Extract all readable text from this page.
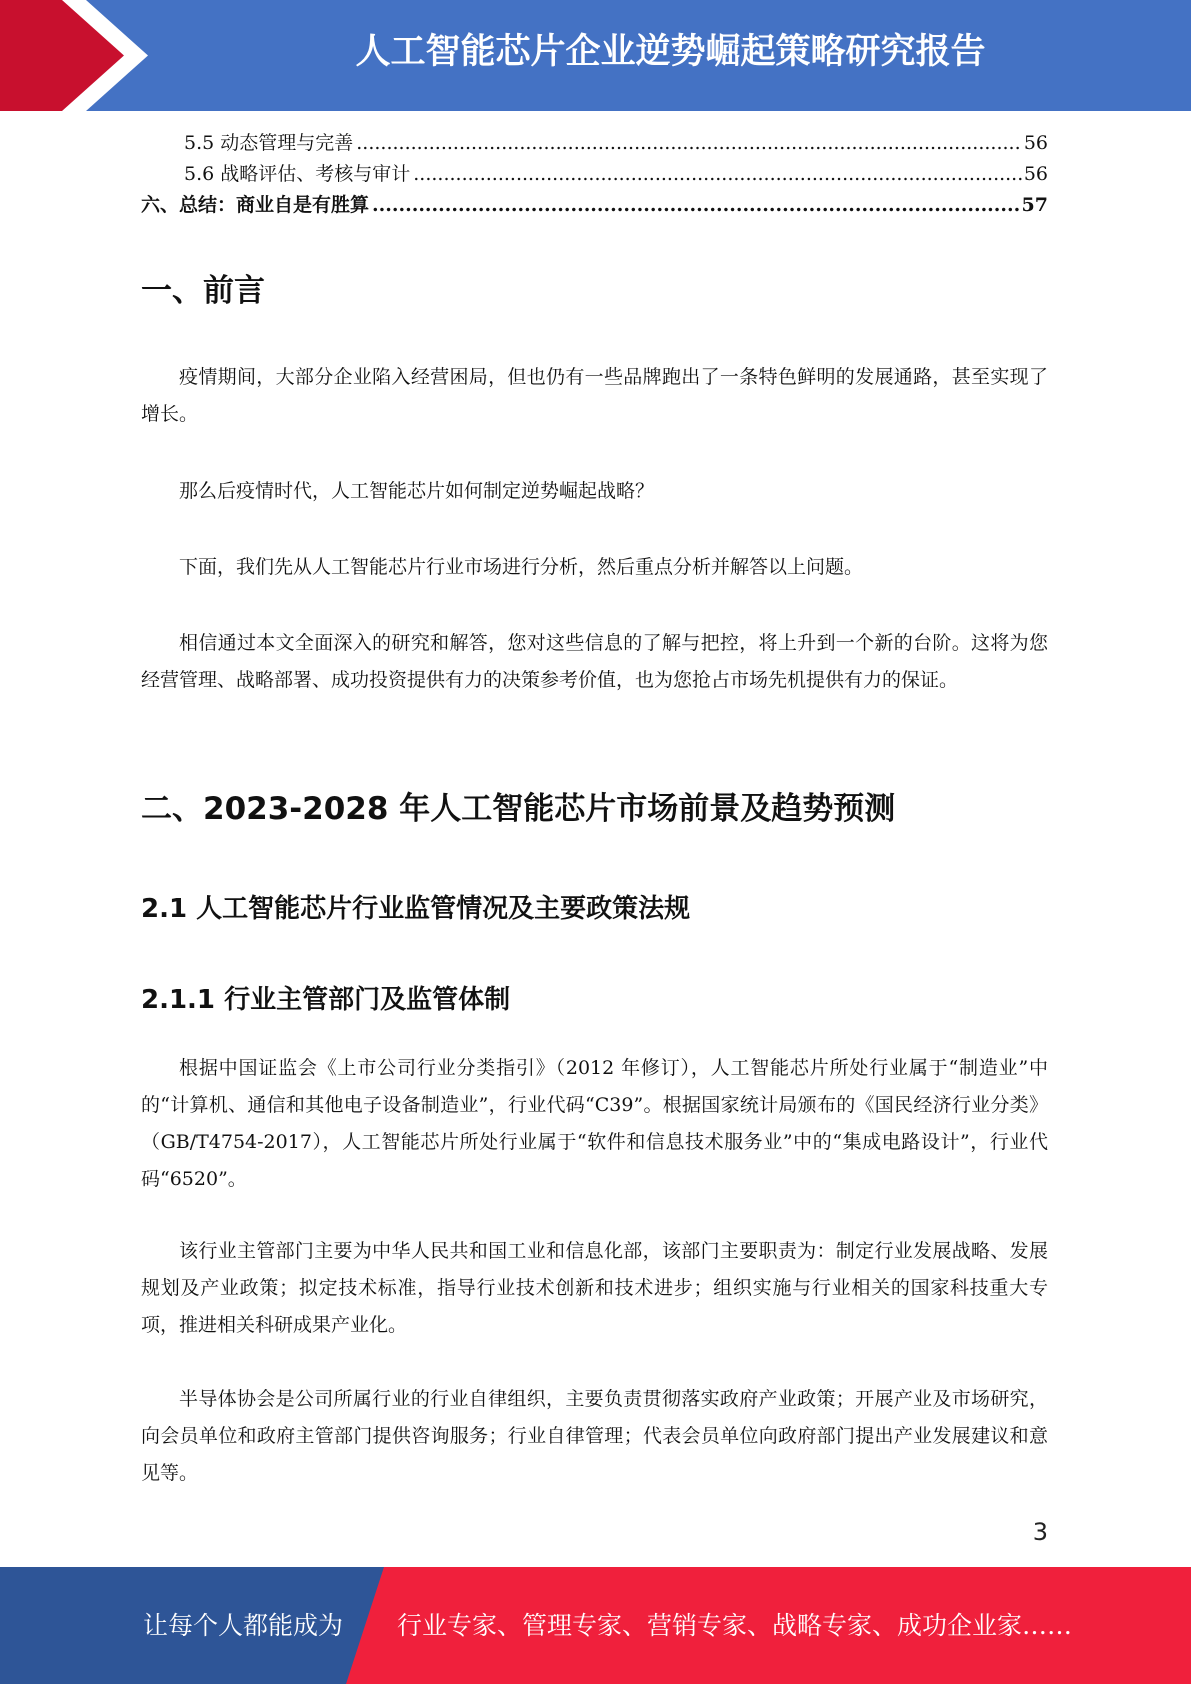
人工智能芯片企业逆势崛起策略研究报告
5.5 动态管理与完善 .....	56
5.6 战略评估、考核与审计 .....	56
六、总结：商业自是有胜算 .....	57
一、前言

疫情期间，大部分企业陷入经营困局，但也仍有一些品牌跑出了一条特色鲜明的发展通路，甚至实现了增长。

那么后疫情时代，人工智能芯片如何制定逆势崛起战略？

下面，我们先从人工智能芯片行业市场进行分析，然后重点分析并解答以上问题。

相信通过本文全面深入的研究和解答，您对这些信息的了解与把控，将上升到一个新的台阶。这将为您经营管理、战略部署、成功投资提供有力的决策参考价值，也为您抢占市场先机提供有力的保证。

二、2023-2028 年人工智能芯片市场前景及趋势预测
2.1 人工智能芯片行业监管情况及主要政策法规
2.1.1 行业主管部门及监管体制

根据中国证监会《上市公司行业分类指引》（2012 年修订），人工智能芯片所处行业属于“制造业”中的“计算机、通信和其他电子设备制造业”，行业代码“C39”。根据国家统计局颁布的《国民经济行业分类》（GB/T4754-2017），人工智能芯片所处行业属于“软件和信息技术服务业”中的“集成电路设计”，行业代码“6520”。

该行业主管部门主要为中华人民共和国工业和信息化部，该部门主要职责为：制定行业发展战略、发展规划及产业政策；拟定技术标准，指导行业技术创新和技术进步；组织实施与行业相关的国家科技重大专项，推进相关科研成果产业化。

半导体协会是公司所属行业的行业自律组织，主要负责贯彻落实政府产业政策；开展产业及市场研究，向会员单位和政府主管部门提供咨询服务；行业自律管理；代表会员单位向政府部门提出产业发展建议和意见等。

3
让每个人都能成为 行业专家、管理专家、营销专家、战略专家、成功企业家……
